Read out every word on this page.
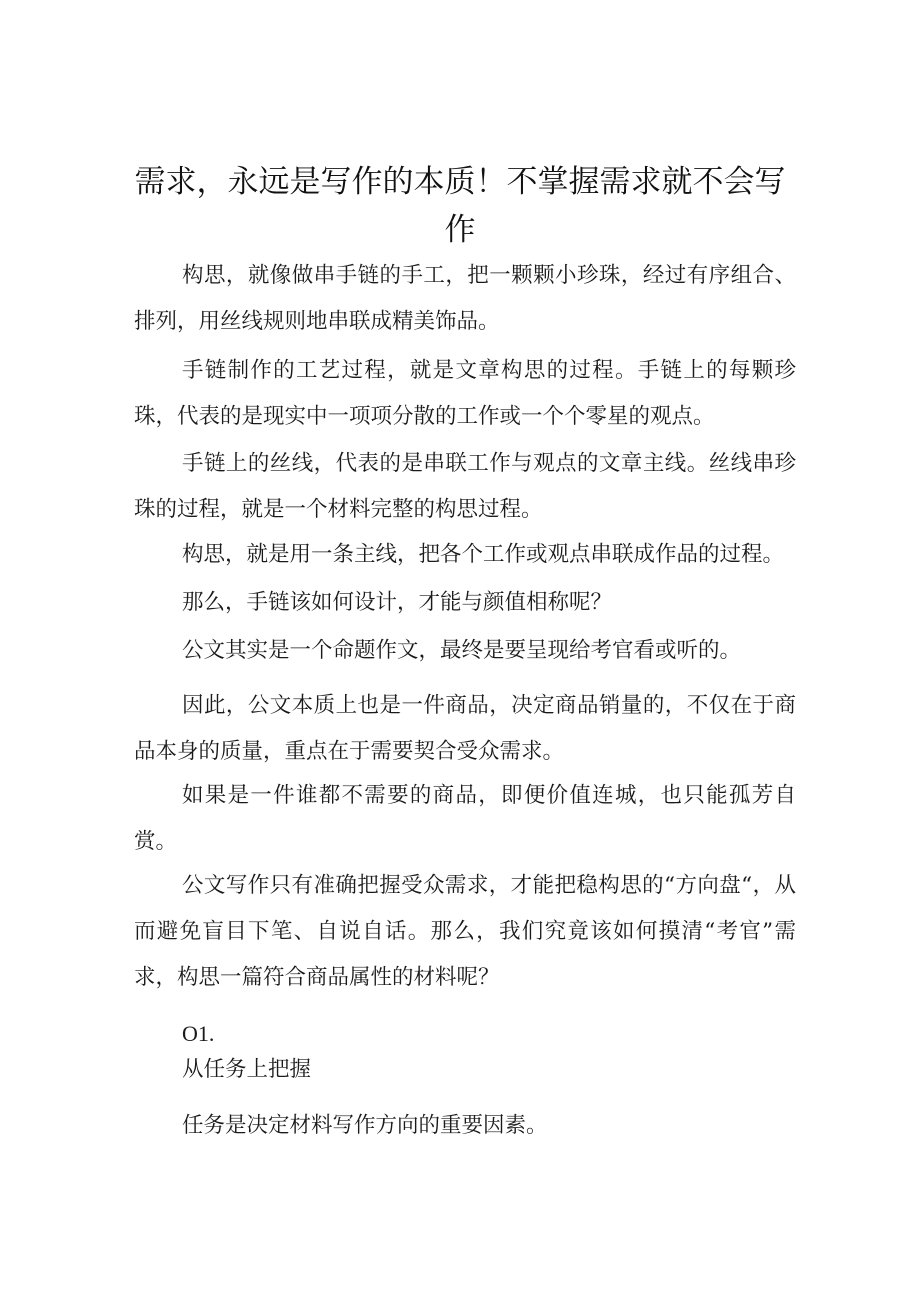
需求，永远是写作的本质！不掌握需求就不会写作

构思，就像做串手链的手工，把一颗颗小珍珠，经过有序组合、排列，用丝线规则地串联成精美饰品。

手链制作的工艺过程，就是文章构思的过程。手链上的每颗珍珠，代表的是现实中一项项分散的工作或一个个零星的观点。

手链上的丝线，代表的是串联工作与观点的文章主线。丝线串珍珠的过程，就是一个材料完整的构思过程。

构思，就是用一条主线，把各个工作或观点串联成作品的过程。

那么，手链该如何设计，才能与颜值相称呢？

公文其实是一个命题作文，最终是要呈现给考官看或听的。

因此，公文本质上也是一件商品，决定商品销量的，不仅在于商品本身的质量，重点在于需要契合受众需求。

如果是一件谁都不需要的商品，即便价值连城，也只能孤芳自赏。

公文写作只有准确把握受众需求，才能把稳构思的“方向盘“，从而避免盲目下笔、自说自话。那么，我们究竟该如何摸清“考官”需求，构思一篇符合商品属性的材料呢？

O1.

从任务上把握

任务是决定材料写作方向的重要因素。
